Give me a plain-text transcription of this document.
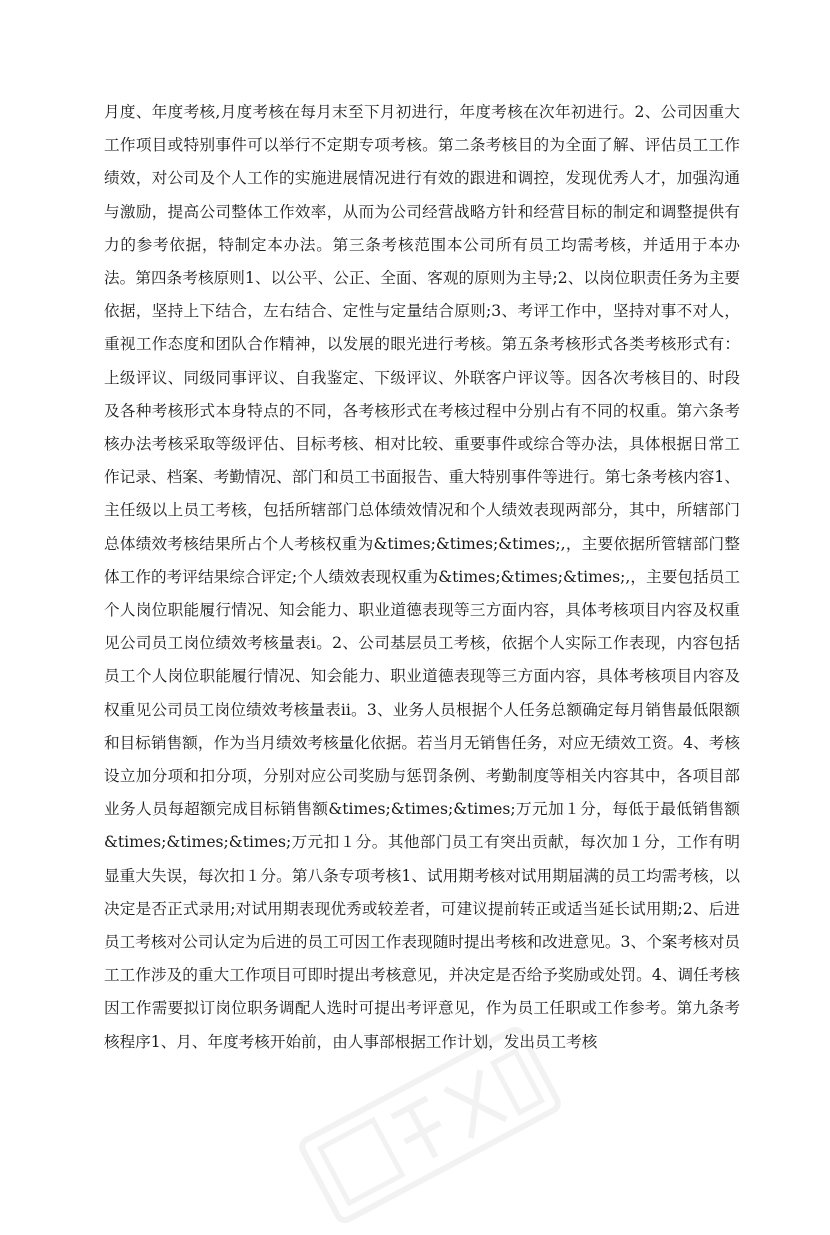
月度、年度考核,月度考核在每月末至下月初进行，年度考核在次年初进行。2、公司因重大工作项目或特别事件可以举行不定期专项考核。第二条考核目的为全面了解、评估员工工作绩效，对公司及个人工作的实施进展情况进行有效的跟进和调控，发现优秀人才，加强沟通与激励，提高公司整体工作效率，从而为公司经营战略方针和经营目标的制定和调整提供有力的参考依据，特制定本办法。第三条考核范围本公司所有员工均需考核，并适用于本办法。第四条考核原则1、以公平、公正、全面、客观的原则为主导;2、以岗位职责任务为主要依据，坚持上下结合，左右结合、定性与定量结合原则;3、考评工作中，坚持对事不对人，重视工作态度和团队合作精神，以发展的眼光进行考核。第五条考核形式各类考核形式有：上级评议、同级同事评议、自我鉴定、下级评议、外联客户评议等。因各次考核目的、时段及各种考核形式本身特点的不同，各考核形式在考核过程中分别占有不同的权重。第六条考核办法考核采取等级评估、目标考核、相对比较、重要事件或综合等办法，具体根据日常工作记录、档案、考勤情况、部门和员工书面报告、重大特别事件等进行。第七条考核内容1、主任级以上员工考核，包括所辖部门总体绩效情况和个人绩效表现两部分，其中，所辖部门总体绩效考核结果所占个人考核权重为&times;&times;&times;,，主要依据所管辖部门整体工作的考评结果综合评定;个人绩效表现权重为&times;&times;&times;,，主要包括员工个人岗位职能履行情况、知会能力、职业道德表现等三方面内容，具体考核项目内容及权重见公司员工岗位绩效考核量表ⅰ。2、公司基层员工考核，依据个人实际工作表现，内容包括员工个人岗位职能履行情况、知会能力、职业道德表现等三方面内容，具体考核项目内容及权重见公司员工岗位绩效考核量表ⅱ。3、业务人员根据个人任务总额确定每月销售最低限额和目标销售额，作为当月绩效考核量化依据。若当月无销售任务，对应无绩效工资。4、考核设立加分项和扣分项，分别对应公司奖励与惩罚条例、考勤制度等相关内容其中，各项目部业务人员每超额完成目标销售额&times;&times;&times;万元加１分，每低于最低销售额&times;&times;&times;万元扣１分。其他部门员工有突出贡献，每次加１分，工作有明显重大失误，每次扣１分。第八条专项考核1、试用期考核对试用期届满的员工均需考核，以决定是否正式录用;对试用期表现优秀或较差者，可建议提前转正或适当延长试用期;2、后进员工考核对公司认定为后进的员工可因工作表现随时提出考核和改进意见。3、个案考核对员工工作涉及的重大工作项目可即时提出考核意见，并决定是否给予奖励或处罚。4、调任考核因工作需要拟订岗位职务调配人选时可提出考评意见，作为员工任职或工作参考。第九条考核程序1、月、年度考核开始前，由人事部根据工作计划，发出员工考核
